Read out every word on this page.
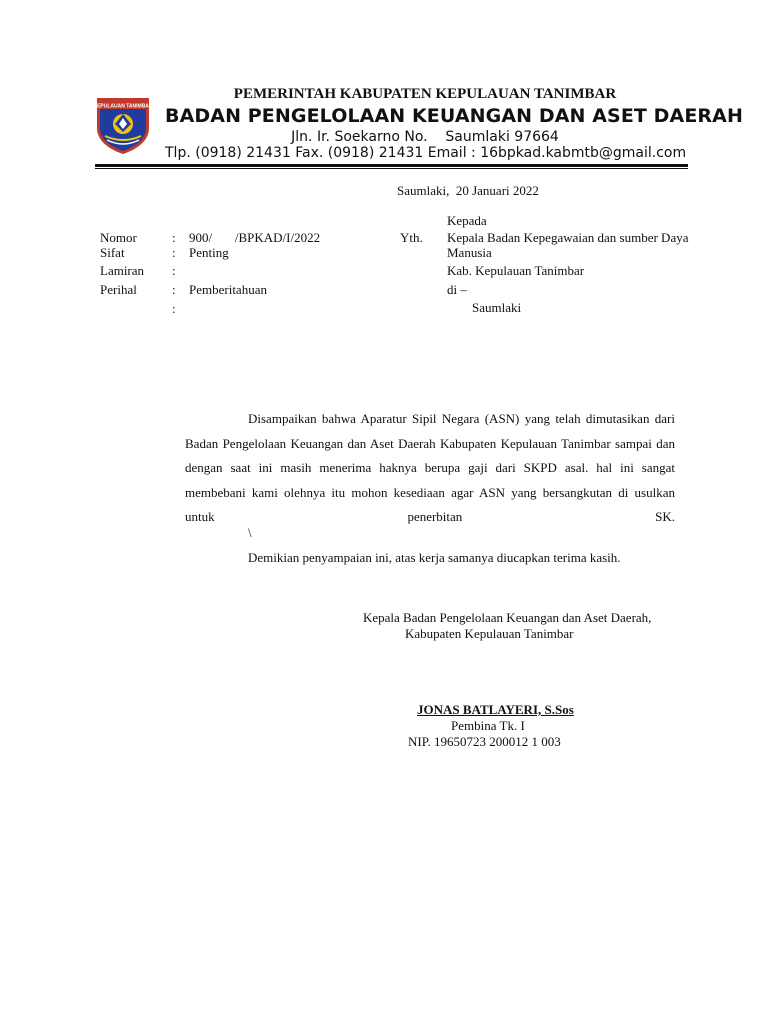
KEPULAUAN TANIMBAR
PEMERINTAH KABUPATEN KEPULAUAN TANIMBAR
BADAN PENGELOLAAN KEUANGAN DAN ASET DAERAH
Jln. Ir. Soekarno No.    Saumlaki 97664
Tlp. (0918) 21431 Fax. (0918) 21431 Email : 16bpkad.kabmtb@gmail.com
Saumlaki,  20 Januari 2022
Nomor	: 900/       /BPKAD/I/2022
Sifat	: Penting
Lamiran :
Perihal	: Pemberitahuan
:
Kepada
Yth. Kepala Badan Kepegawaian dan sumber Daya
Manusia
Kab. Kepulauan Tanimbar
di –
Saumlaki
Disampaikan bahwa Aparatur Sipil Negara (ASN) yang telah dimutasikan dari Badan Pengelolaan Keuangan dan Aset Daerah Kabupaten Kepulauan Tanimbar sampai dan dengan saat ini masih menerima haknya berupa gaji dari SKPD asal. hal ini sangat membebani kami olehnya itu mohon kesediaan agar ASN yang bersangkutan di usulkan untuk penerbitan SK.
\
Demikian penyampaian ini, atas kerja samanya diucapkan terima kasih.
Kepala Badan Pengelolaan Keuangan dan Aset Daerah,
Kabupaten Kepulauan Tanimbar
JONAS BATLAYERI, S.Sos
Pembina Tk. I
NIP. 19650723 200012 1 003
